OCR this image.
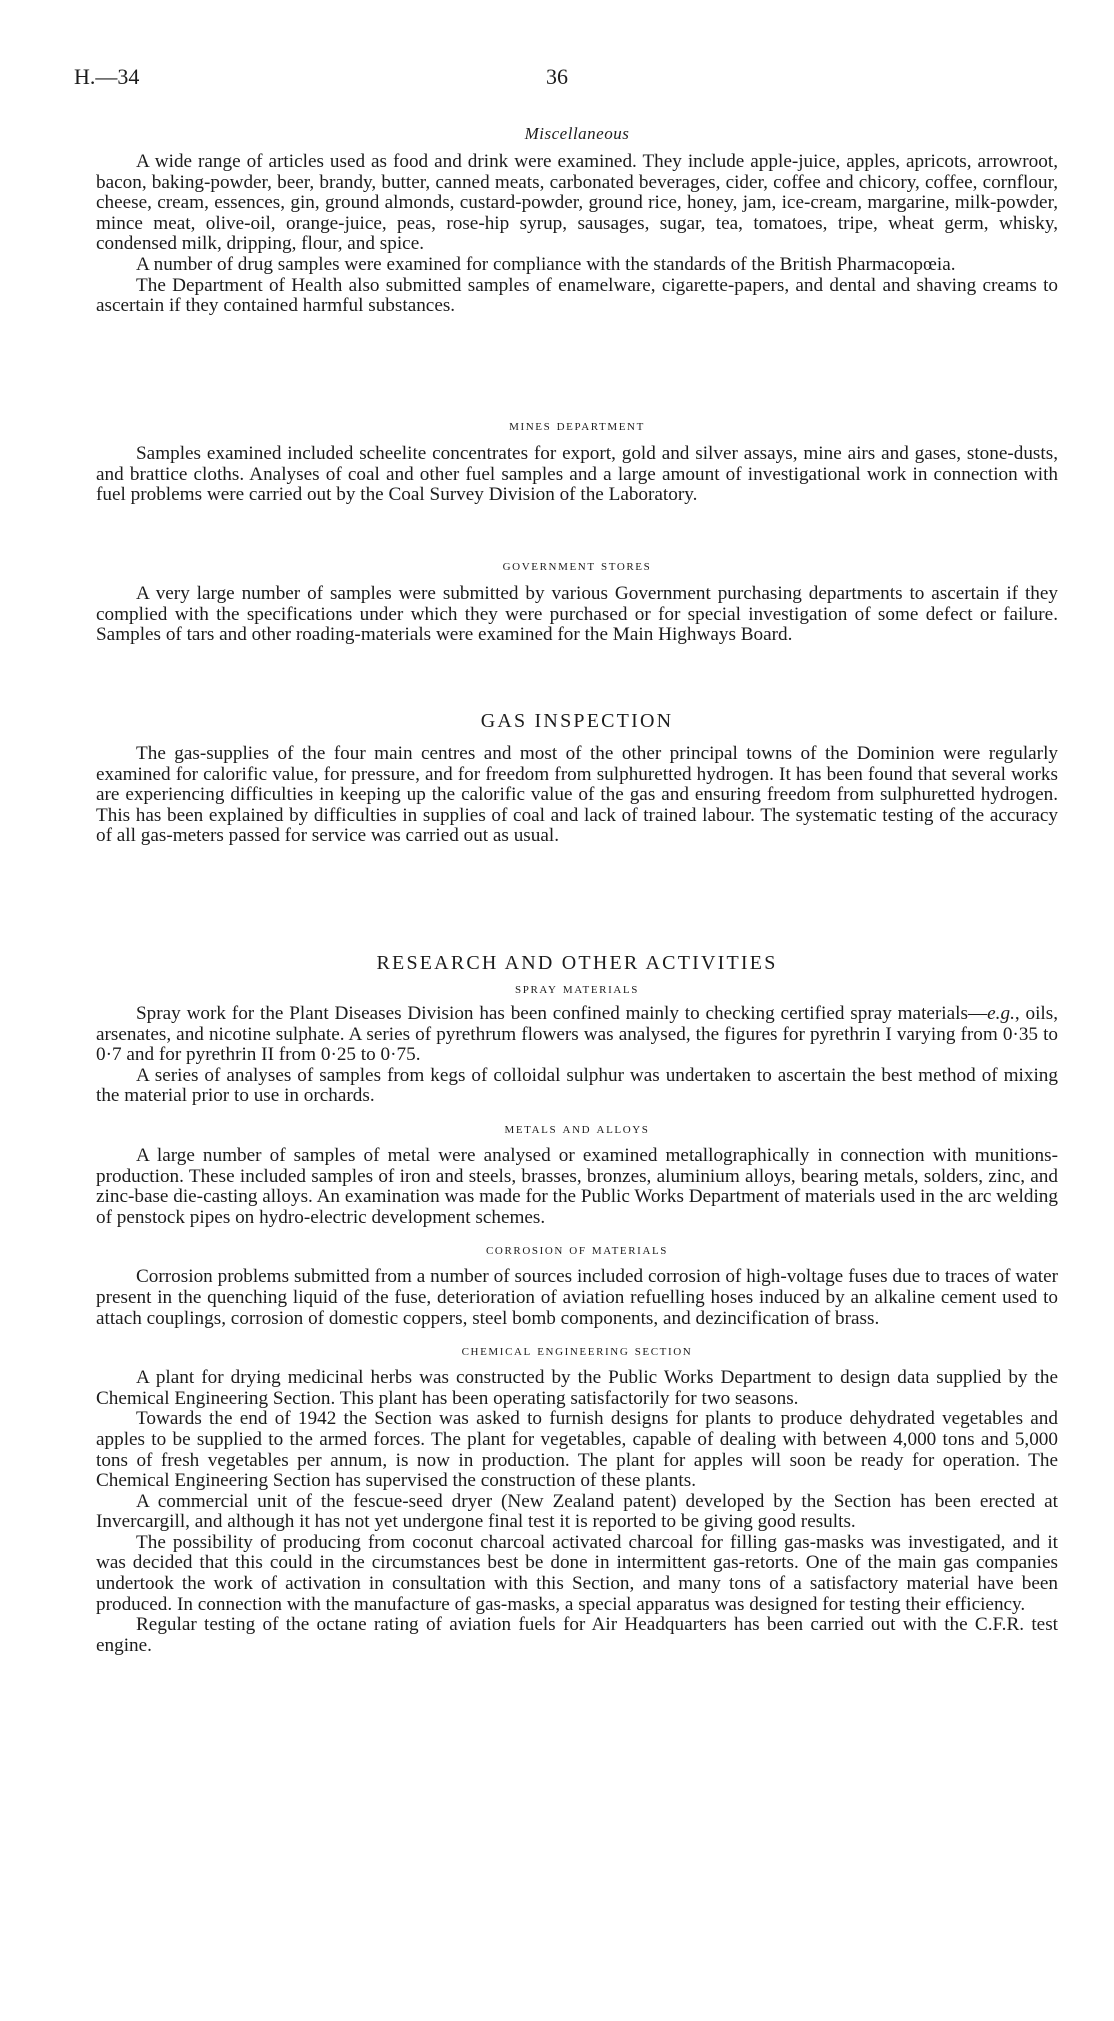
H.—34	36
Miscellaneous

A wide range of articles used as food and drink were examined. They include apple-juice, apples, apricots, arrowroot, bacon, baking-powder, beer, brandy, butter, canned meats, carbonated beverages, cider, coffee and chicory, coffee, cornflour, cheese, cream, essences, gin, ground almonds, custard-powder, ground rice, honey, jam, ice-cream, margarine, milk-powder, mince meat, olive-oil, orange-juice, peas, rose-hip syrup, sausages, sugar, tea, tomatoes, tripe, wheat germ, whisky, condensed milk, dripping, flour, and spice.

A number of drug samples were examined for compliance with the standards of the British Pharmacopœia.

The Department of Health also submitted samples of enamelware, cigarette-papers, and dental and shaving creams to ascertain if they contained harmful substances.

mines department

Samples examined included scheelite concentrates for export, gold and silver assays, mine airs and gases, stone-dusts, and brattice cloths. Analyses of coal and other fuel samples and a large amount of investigational work in connection with fuel problems were carried out by the Coal Survey Division of the Laboratory.

government stores

A very large number of samples were submitted by various Government purchasing departments to ascertain if they complied with the specifications under which they were purchased or for special investigation of some defect or failure. Samples of tars and other roading-materials were examined for the Main Highways Board.

GAS INSPECTION

The gas-supplies of the four main centres and most of the other principal towns of the Dominion were regularly examined for calorific value, for pressure, and for freedom from sulphuretted hydrogen. It has been found that several works are experiencing difficulties in keeping up the calorific value of the gas and ensuring freedom from sulphuretted hydrogen. This has been explained by difficulties in supplies of coal and lack of trained labour. The systematic testing of the accuracy of all gas-meters passed for service was carried out as usual.

RESEARCH AND OTHER ACTIVITIES
spray materials

Spray work for the Plant Diseases Division has been confined mainly to checking certified spray materials—e.g., oils, arsenates, and nicotine sulphate. A series of pyrethrum flowers was analysed, the figures for pyrethrin I varying from 0·35 to 0·7 and for pyrethrin II from 0·25 to 0·75.

A series of analyses of samples from kegs of colloidal sulphur was undertaken to ascertain the best method of mixing the material prior to use in orchards.

metals and alloys

A large number of samples of metal were analysed or examined metallographically in connection with munitions-production. These included samples of iron and steels, brasses, bronzes, aluminium alloys, bearing metals, solders, zinc, and zinc-base die-casting alloys. An examination was made for the Public Works Department of materials used in the arc welding of penstock pipes on hydro-electric development schemes.

corrosion of materials

Corrosion problems submitted from a number of sources included corrosion of high-voltage fuses due to traces of water present in the quenching liquid of the fuse, deterioration of aviation refuelling hoses induced by an alkaline cement used to attach couplings, corrosion of domestic coppers, steel bomb components, and dezincification of brass.

chemical engineering section

A plant for drying medicinal herbs was constructed by the Public Works Department to design data supplied by the Chemical Engineering Section. This plant has been operating satisfactorily for two seasons.

Towards the end of 1942 the Section was asked to furnish designs for plants to produce dehydrated vegetables and apples to be supplied to the armed forces. The plant for vegetables, capable of dealing with between 4,000 tons and 5,000 tons of fresh vegetables per annum, is now in production. The plant for apples will soon be ready for operation. The Chemical Engineering Section has supervised the construction of these plants.

A commercial unit of the fescue-seed dryer (New Zealand patent) developed by the Section has been erected at Invercargill, and although it has not yet undergone final test it is reported to be giving good results.

The possibility of producing from coconut charcoal activated charcoal for filling gas-masks was investigated, and it was decided that this could in the circumstances best be done in intermittent gas-retorts. One of the main gas companies undertook the work of activation in consultation with this Section, and many tons of a satisfactory material have been produced. In connection with the manufacture of gas-masks, a special apparatus was designed for testing their efficiency.

Regular testing of the octane rating of aviation fuels for Air Headquarters has been carried out with the C.F.R. test engine.
